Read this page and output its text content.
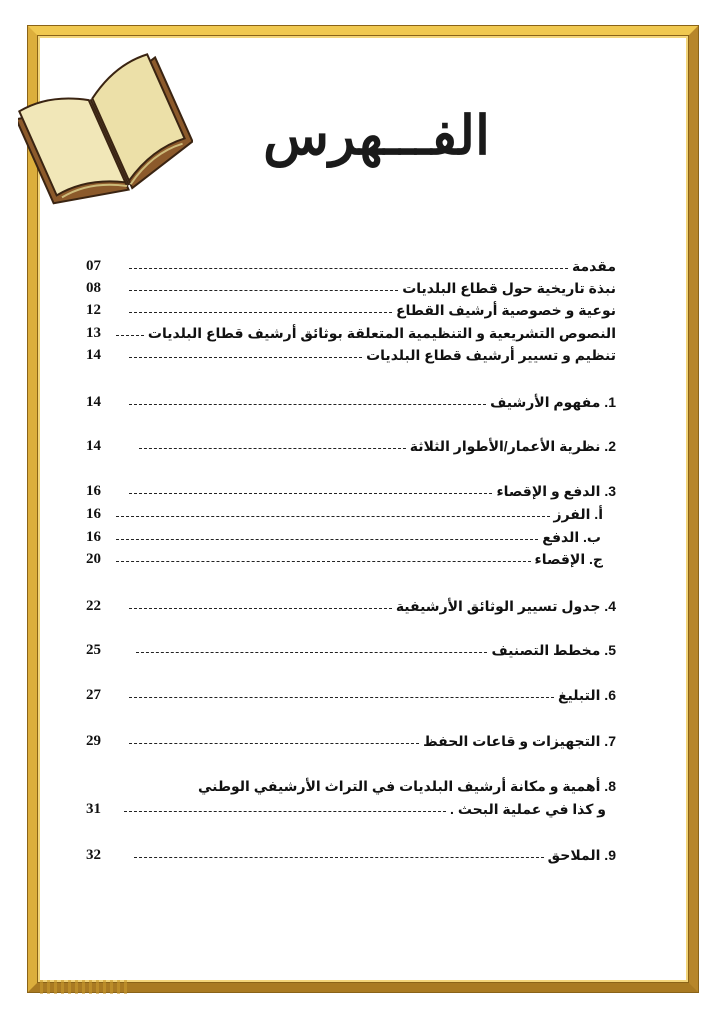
الفـــهرس
مقدمة
07
نبذة تاريخية حول قطاع البلديات
08
نوعية و خصوصية أرشيف القطاع
12
النصوص التشريعية و التنظيمية المتعلقة بوثائق أرشيف قطاع البلديات
13
تنظيم و تسيير أرشيف قطاع البلديات
14
1. مفهوم الأرشيف
14
2. نظرية الأعمار/الأطوار الثلاثة
14
3. الدفع و الإقصاء
16
أ. الفرز
16
ب. الدفع
16
ج. الإقصاء
20
4. جدول تسيير الوثائق الأرشيفية
22
5. مخطط التصنيف
25
6. التبليغ
27
7. التجهيزات و قاعات الحفظ
29
8. أهمية و مكانة أرشيف البلديات في التراث الأرشيفي الوطني
و كذا في عملية البحث .
31
9. الملاحق
32
